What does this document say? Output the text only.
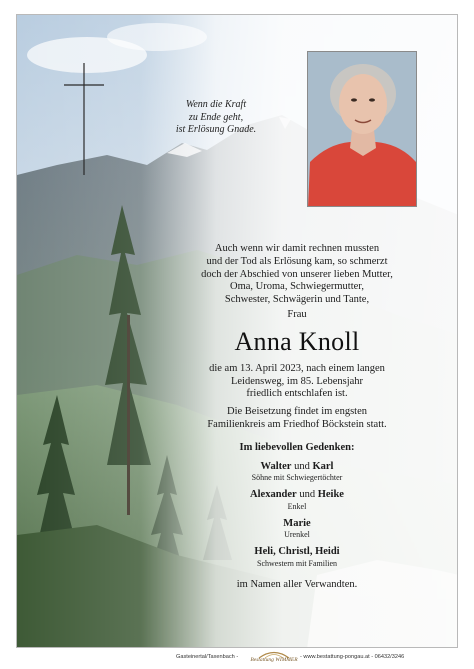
Wenn die Kraft
zu Ende geht,
ist Erlösung Gnade.
Auch wenn wir damit rechnen mussten
und der Tod als Erlösung kam, so schmerzt
doch der Abschied von unserer lieben Mutter,
Oma, Uroma, Schwiegermutter,
Schwester, Schwägerin und Tante,
Frau
Anna Knoll
die am 13. April 2023, nach einem langen
Leidensweg, im 85. Lebensjahr
friedlich entschlafen ist.
Die Beisetzung findet im engsten
Familienkreis am Friedhof Böckstein statt.
Im liebevollen Gedenken:
Walter und Karl
Söhne mit Schwiegertöchter
Alexander und Heike
Enkel
Marie
Urenkel
Heli, Christl, Heidi
Schwestern mit Familien
im Namen aller Verwandten.
Gasteinertal/Taxenbach - Bestattung WIMMER - www.bestattung-pongau.at - 06432/3246
